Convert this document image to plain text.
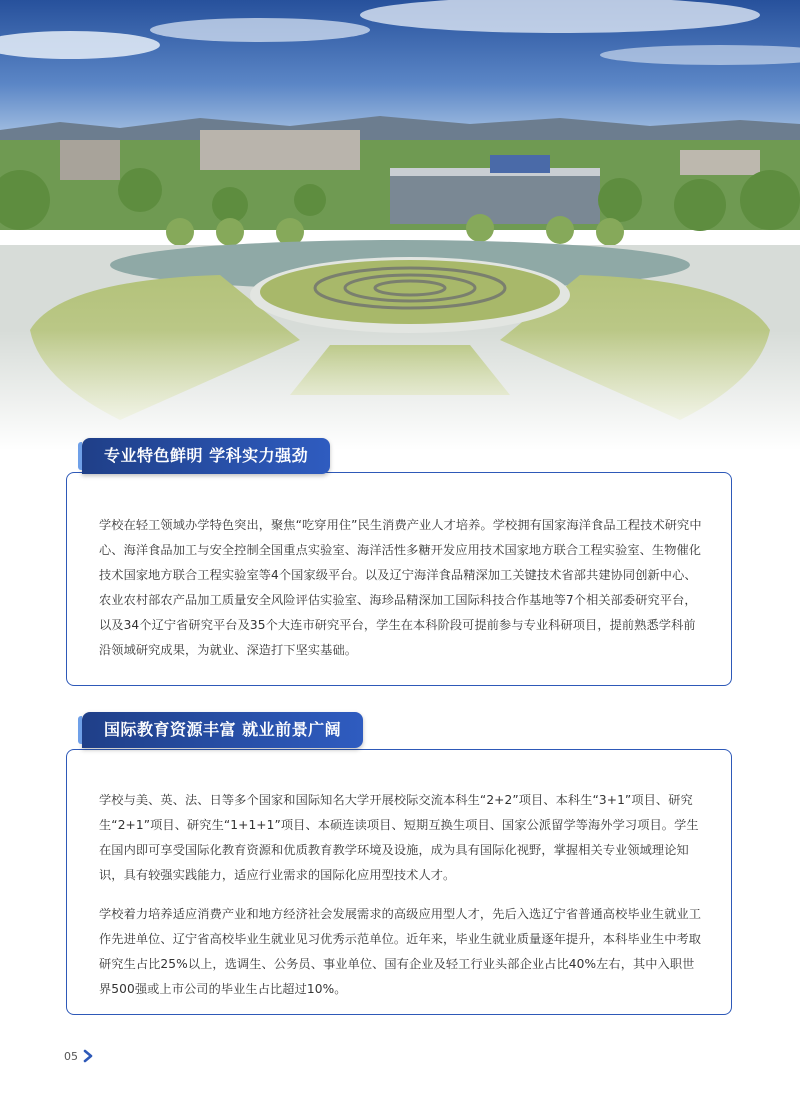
学校在轻工领域办学特色突出，聚焦“吃穿用住”民生消费产业人才培养。学校拥有国家海洋食品工程技术研究中心、海洋食品加工与安全控制全国重点实验室、海洋活性多糖开发应用技术国家地方联合工程实验室、生物催化技术国家地方联合工程实验室等4个国家级平台。以及辽宁海洋食品精深加工关键技术省部共建协同创新中心、农业农村部农产品加工质量安全风险评估实验室、海珍品精深加工国际科技合作基地等7个相关部委研究平台，以及34个辽宁省研究平台及35个大连市研究平台，学生在本科阶段可提前参与专业科研项目，提前熟悉学科前沿领域研究成果，为就业、深造打下坚实基础。

专业特色鲜明 学科实力强劲

学校与美、英、法、日等多个国家和国际知名大学开展校际交流本科生“2+2”项目、本科生“3+1”项目、研究生“2+1”项目、研究生“1+1+1”项目、本硕连读项目、短期互换生项目、国家公派留学等海外学习项目。学生在国内即可享受国际化教育资源和优质教育教学环境及设施，成为具有国际化视野，掌握相关专业领域理论知识，具有较强实践能力，适应行业需求的国际化应用型技术人才。

学校着力培养适应消费产业和地方经济社会发展需求的高级应用型人才，先后入选辽宁省普通高校毕业生就业工作先进单位、辽宁省高校毕业生就业见习优秀示范单位。近年来，毕业生就业质量逐年提升，本科毕业生中考取研究生占比25%以上，选调生、公务员、事业单位、国有企业及轻工行业头部企业占比40%左右，其中入职世界500强或上市公司的毕业生占比超过10%。

国际教育资源丰富 就业前景广阔
05
